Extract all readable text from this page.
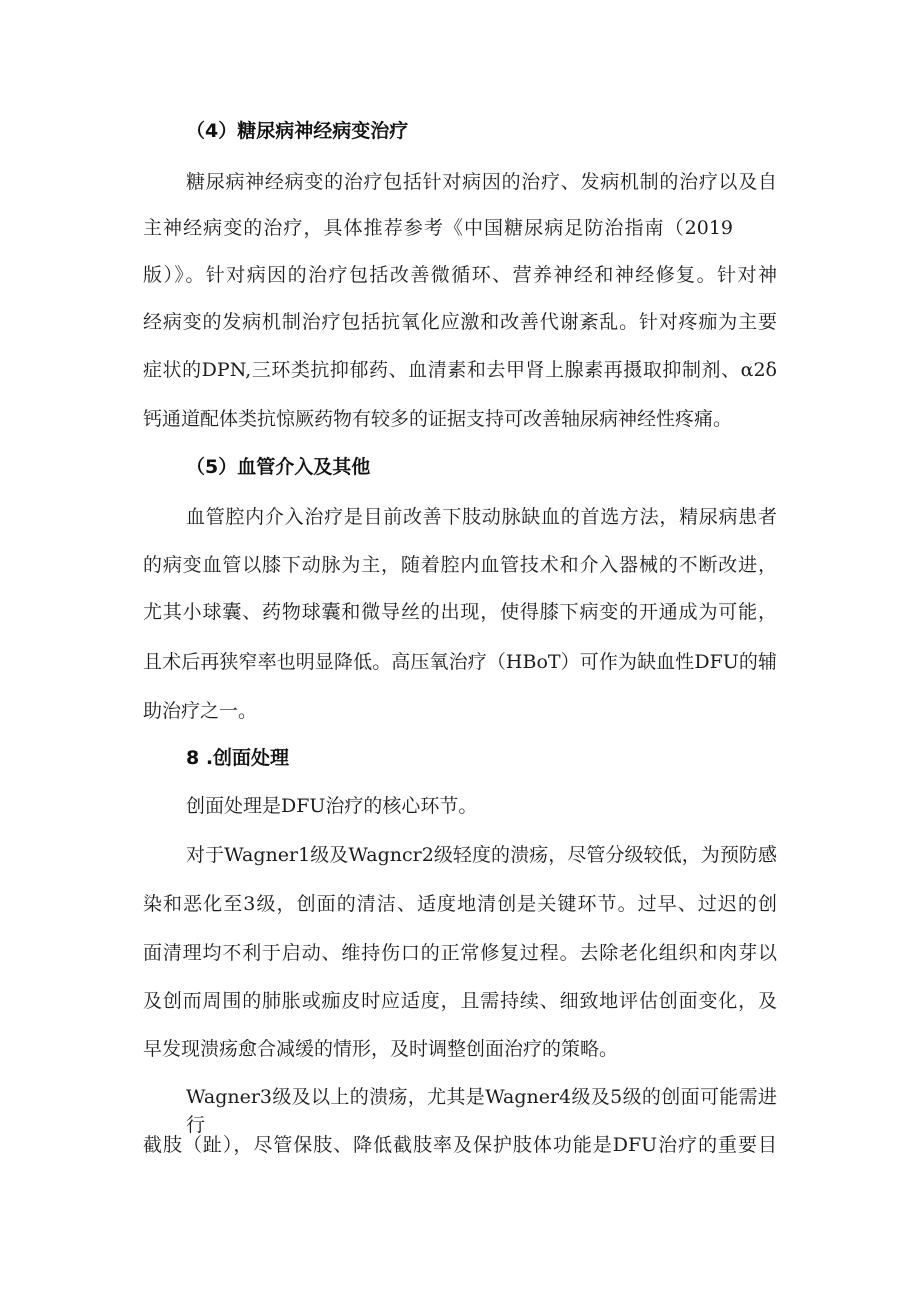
（4）糖尿病神经病变治疗
糖尿病神经病变的治疗包括针对病因的治疗、发病机制的治疗以及自
主神经病变的治疗，具体推荐参考《中国糖尿病足防治指南（2019
版）》。针对病因的治疗包括改善微循环、营养神经和神经修复。针对神
经病变的发病机制治疗包括抗氧化应激和改善代谢紊乱。针对疼痂为主要
症状的DPN,三环类抗抑郁药、血清素和去甲肾上腺素再摄取抑制剂、α2δ
钙通道配体类抗惊厥药物有较多的证据支持可改善轴尿病神经性疼痛。
（5）血管介入及其他
血管腔内介入治疗是目前改善下肢动脉缺血的首选方法，精尿病患者
的病变血管以膝下动脉为主，随着腔内血管技术和介入器械的不断改进，
尤其小球囊、药物球囊和微导丝的出现，使得膝下病变的开通成为可能，
且术后再狭窄率也明显降低。高压氧治疗（HBoT）可作为缺血性DFU的辅
助治疗之一。
8 .创面处理
创面处理是DFU治疗的核心环节。
对于Wagner1级及Wagncr2级轻度的溃疡，尽管分级较低，为预防感
染和恶化至3级，创面的清洁、适度地清创是关键环节。过早、过迟的创
面清理均不利于启动、维持伤口的正常修复过程。去除老化组织和肉芽以
及创而周围的肺胀或痂皮时应适度，且需持续、细致地评估创面变化，及
早发现溃疡愈合减缓的情形，及时调整创面治疗的策略。
Wagner3级及以上的溃疡，尤其是Wagner4级及5级的创面可能需进行
截肢（趾），尽管保肢、降低截肢率及保护肢体功能是DFU治疗的重要目
